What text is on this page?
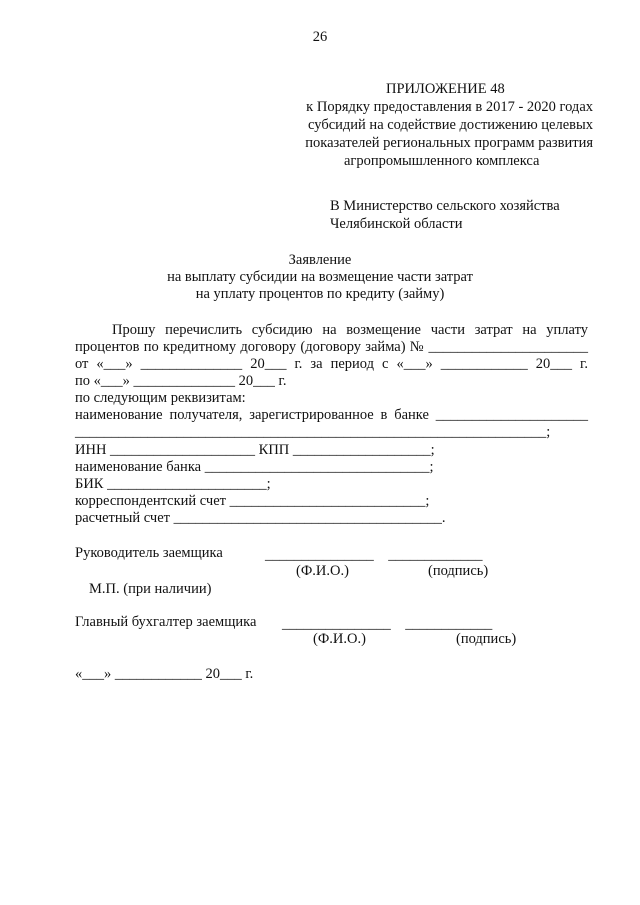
26
ПРИЛОЖЕНИЕ 48
к Порядку предоставления в 2017 - 2020 годах
субсидий на содействие достижению целевых
показателей региональных программ развития
агропромышленного комплекса
В Министерство сельского хозяйства
Челябинской области
Заявление
на выплату субсидии на возмещение части затрат
на уплату процентов по кредиту (займу)
Прошу перечислить субсидию на возмещение части затрат на уплату
процентов по кредитному договору (договору займа) № ______________________
от «___» ______________ 20___ г. за период с «___» ____________ 20___ г.
по «___» ______________ 20___ г.
по следующим реквизитам:
наименование получателя, зарегистрированное в банке _____________________
_________________________________________________________________;
ИНН ____________________ КПП ___________________;
наименование банка _______________________________;
БИК ______________________;
корреспондентский счет ___________________________;
расчетный счет _____________________________________.
Руководитель заемщика	_______________    _____________
(Ф.И.О.)	(подпись)
М.П. (при наличии)
Главный бухгалтер заемщика _______________    ____________
(Ф.И.О.)	(подпись)
«___» ____________ 20___ г.
